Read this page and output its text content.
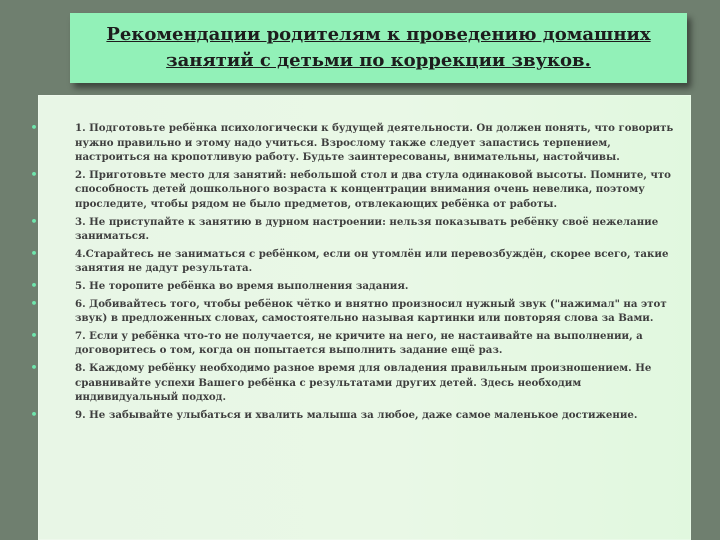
Рекомендации родителям к проведению домашних занятий с детьми по коррекции звуков.
•	1. Подготовьте ребёнка психологически к будущей деятельности. Он должен понять, что говорить нужно правильно и этому надо учиться. Взрослому также следует запастись терпением, настроиться на кропотливую работу. Будьте заинтересованы, внимательны, настойчивы.
•	2. Приготовьте место для занятий: небольшой стол и два стула одинаковой высоты. Помните, что способность детей дошкольного возраста к концентрации внимания очень невелика, поэтому проследите, чтобы рядом не было предметов, отвлекающих ребёнка от работы.
•	3. Не приступайте к занятию в дурном настроении: нельзя показывать ребёнку своё нежелание заниматься.
•	4.Старайтесь не заниматься с ребёнком, если он утомлён или перевозбуждён, скорее всего, такие занятия не дадут результата.
•	5. Не торопите ребёнка во время выполнения задания.
•	6. Добивайтесь того, чтобы ребёнок чётко и внятно произносил нужный звук ("нажимал" на этот звук) в предложенных словах, самостоятельно называя картинки или повторяя слова за Вами.
•	7. Если у ребёнка что-то не получается, не кричите на него, не настаивайте на выполнении, а договоритесь о том, когда он попытается выполнить задание ещё раз.
•	8. Каждому ребёнку необходимо разное время для овладения правильным произношением. Не сравнивайте успехи Вашего ребёнка с результатами других детей. Здесь необходим индивидуальный подход.
•	9. Не забывайте улыбаться и хвалить малыша за любое, даже самое маленькое достижение.
